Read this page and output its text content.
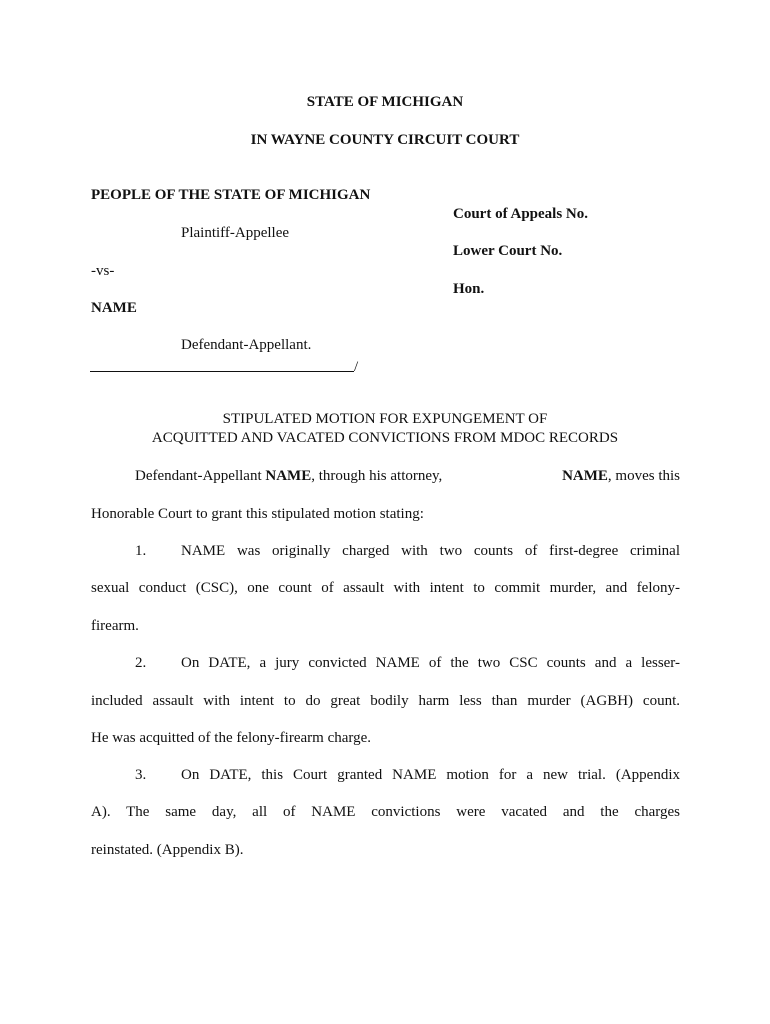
STATE OF MICHIGAN
IN WAYNE COUNTY CIRCUIT COURT
PEOPLE OF THE STATE OF MICHIGAN
Plaintiff-Appellee
-vs-
NAME
Defendant-Appellant.
/
Court of Appeals No.
Lower Court No.
Hon.
STIPULATED MOTION FOR EXPUNGEMENT OF
ACQUITTED AND VACATED CONVICTIONS FROM MDOC RECORDS
Defendant-Appellant NAME, through his attorney,	NAME, moves this
Honorable Court to grant this stipulated motion stating:
1. NAME was originally charged with two counts of first-degree criminal
sexual conduct (CSC), one count of assault with intent to commit murder, and felony-
firearm.
2. On DATE, a jury convicted NAME of the two CSC counts and a lesser-
included assault with intent to do great bodily harm less than murder (AGBH) count.
He was acquitted of the felony-firearm charge.
3. On DATE, this Court granted NAME motion for a new trial. (Appendix
A). The same day, all of NAME convictions were vacated and the charges
reinstated. (Appendix B).
